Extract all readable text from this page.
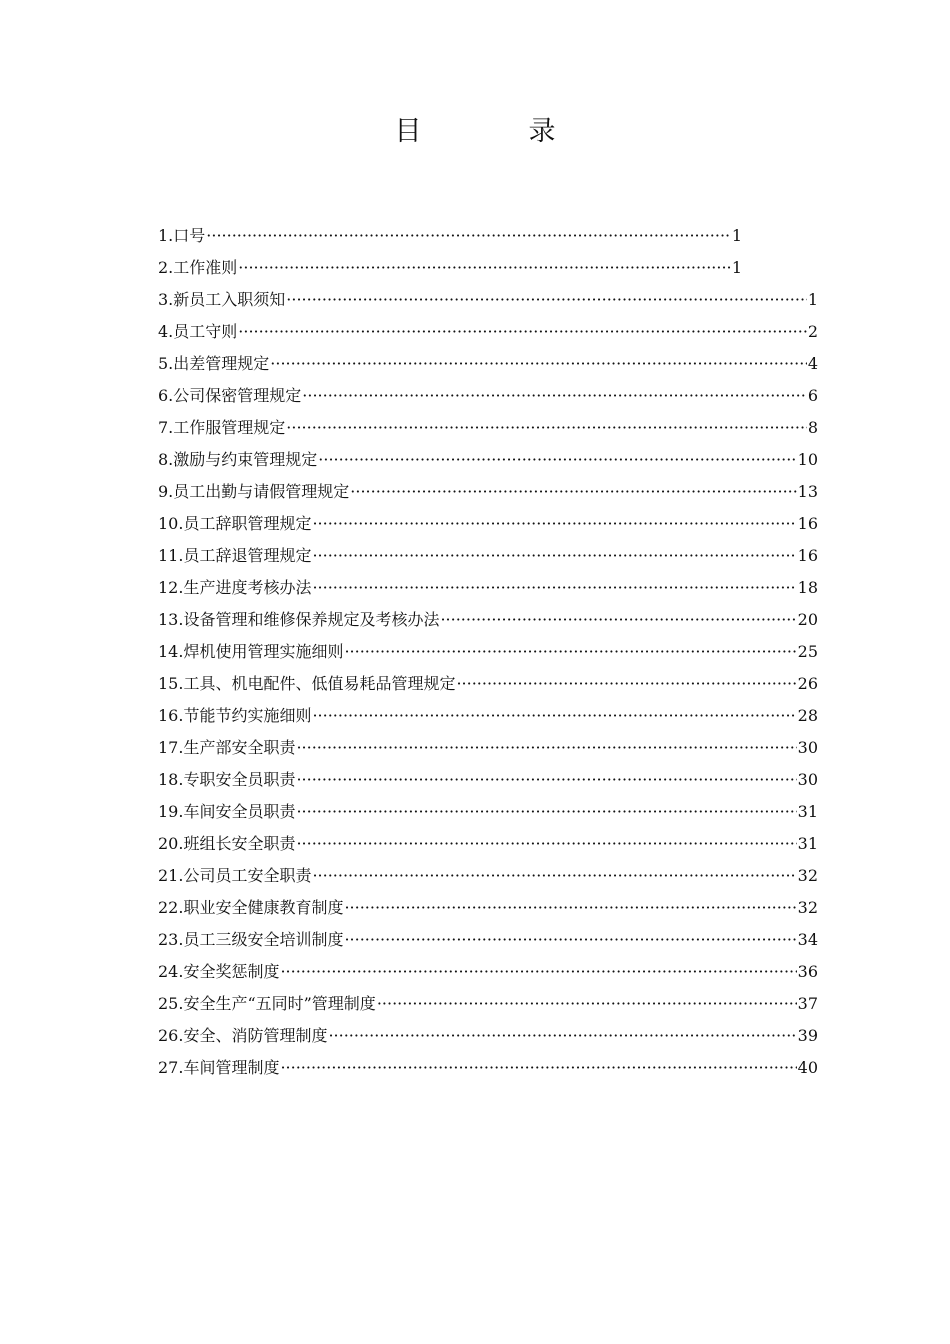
目　录
1.口号 ·····	1
2.工作准则 ·····	1
3.新员工入职须知 ·····	1
4.员工守则 ·····	2
5.出差管理规定 ·····	4
6.公司保密管理规定 ·····	6
7.工作服管理规定 ·····	8
8.激励与约束管理规定 ·····	10
9.员工出勤与请假管理规定 ·····	13
10.员工辞职管理规定 ·····	16
11.员工辞退管理规定 ·····	16
12.生产进度考核办法 ·····	18
13.设备管理和维修保养规定及考核办法 ·····	20
14.焊机使用管理实施细则 ·····	25
15.工具、机电配件、低值易耗品管理规定 ·····	26
16.节能节约实施细则 ·····	28
17.生产部安全职责 ·····	30
18.专职安全员职责 ·····	30
19.车间安全员职责 ·····	31
20.班组长安全职责 ·····	31
21.公司员工安全职责 ·····	32
22.职业安全健康教育制度 ·····	32
23.员工三级安全培训制度 ·····	34
24.安全奖惩制度 ·····	36
25.安全生产“五同时”管理制度 ·····	37
26.安全、消防管理制度 ·····	39
27.车间管理制度 ·····	40
